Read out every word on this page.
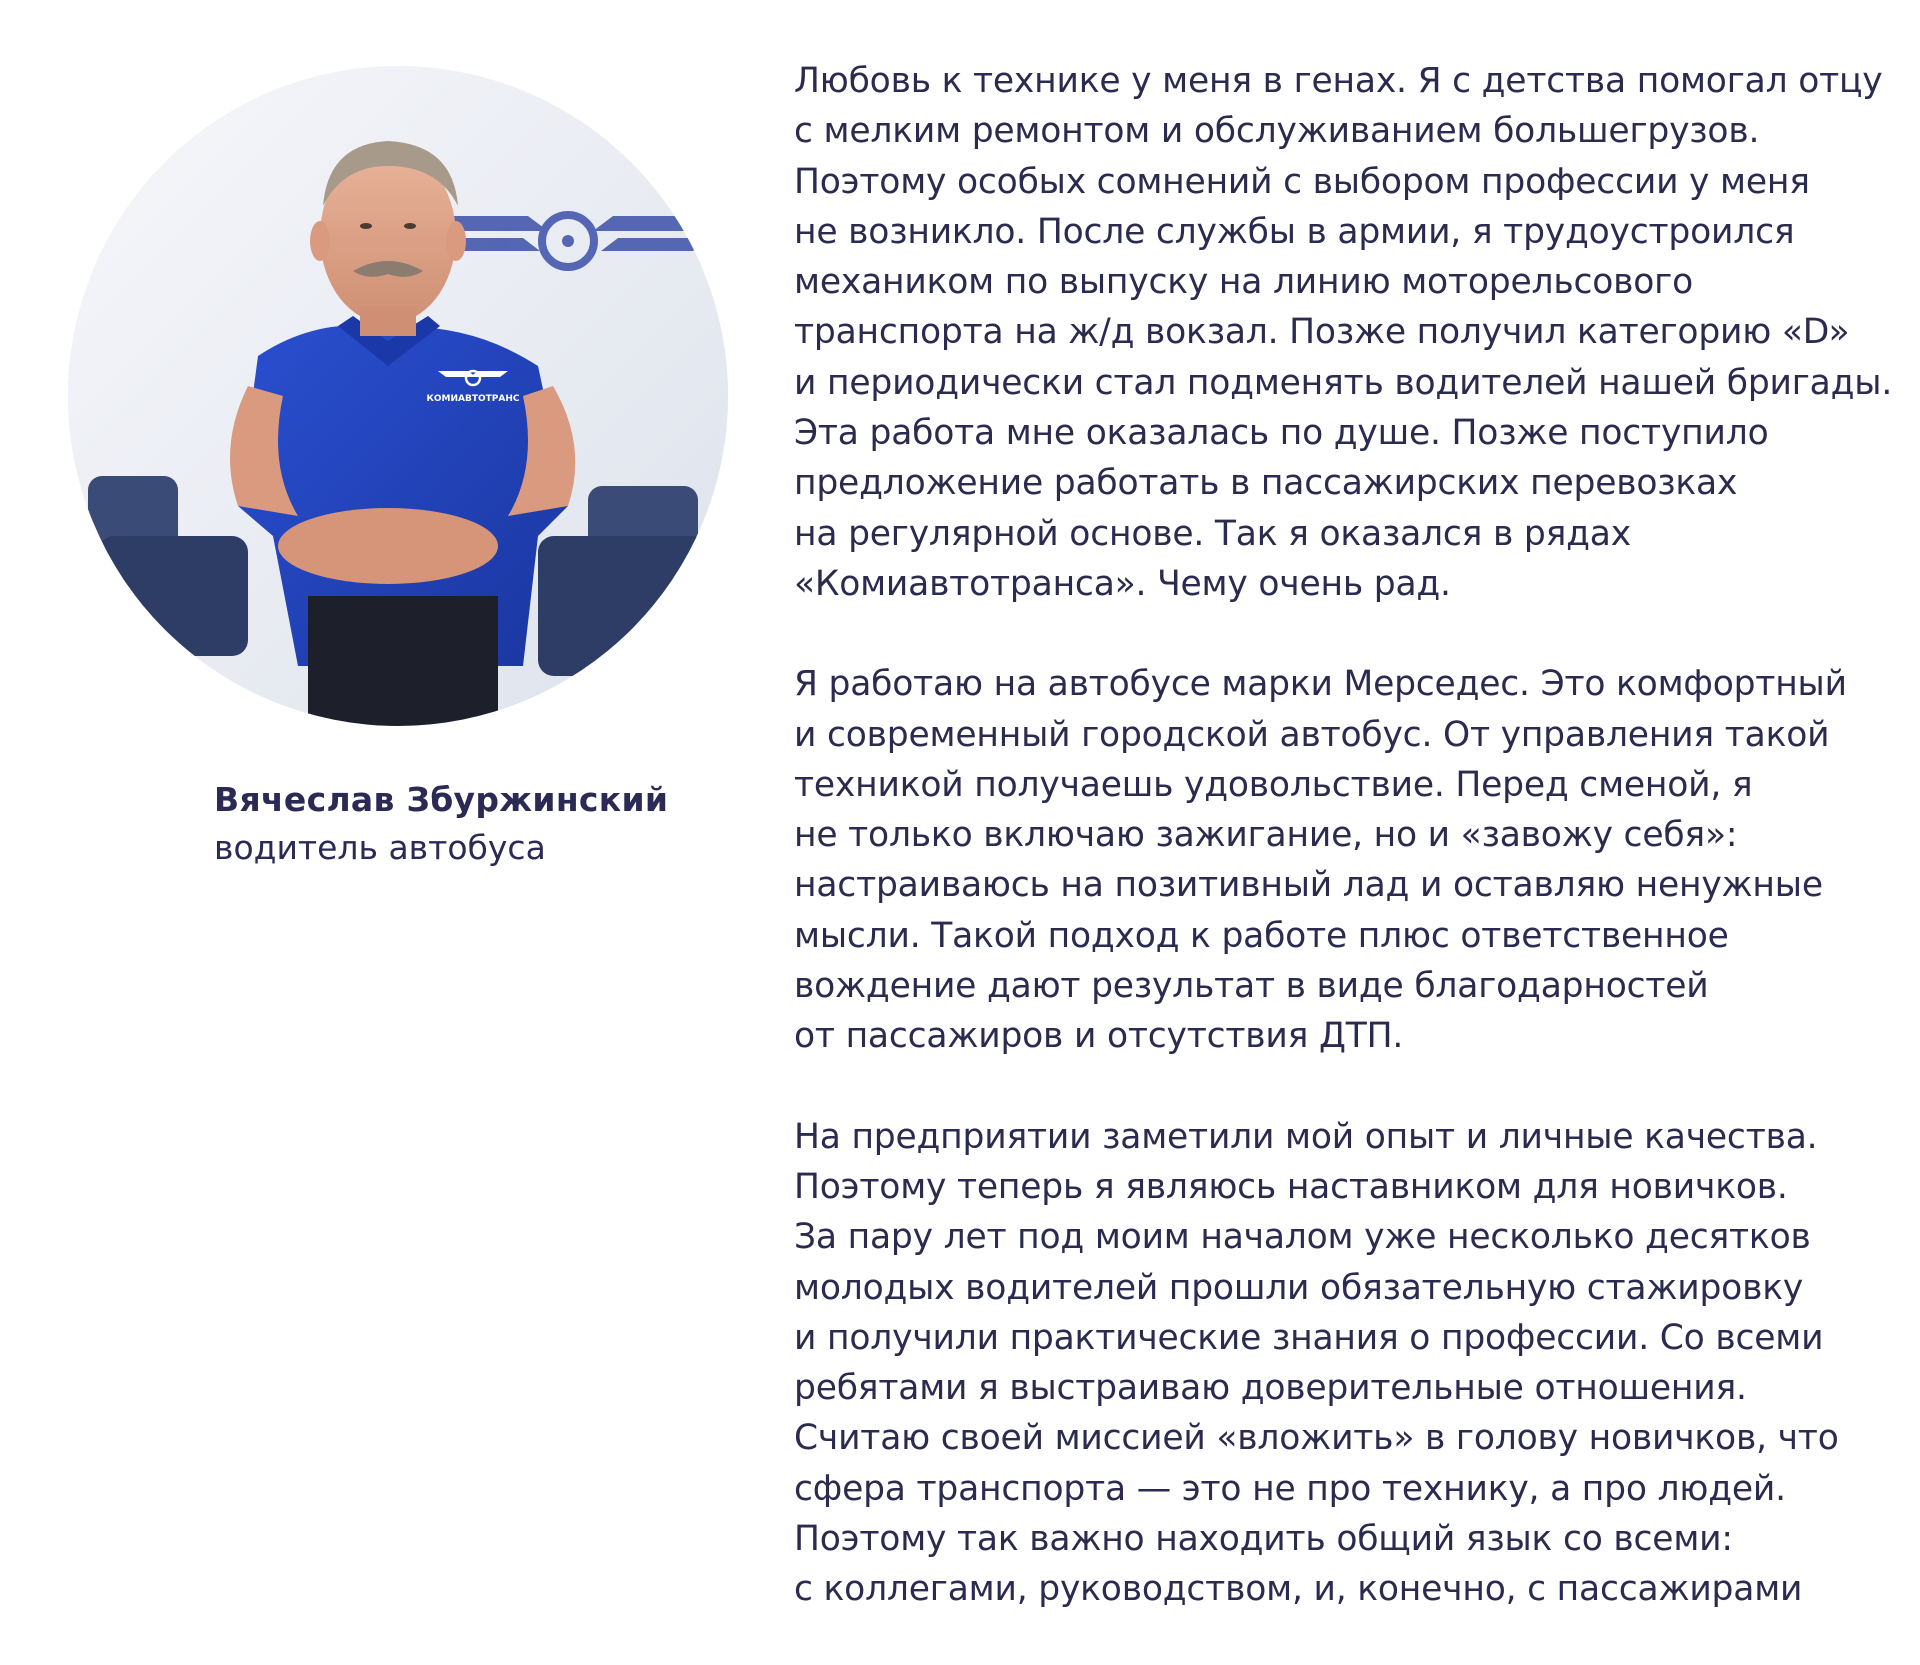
КОМИАВТОТРАНС
Вячеслав Збуржинский
водитель автобуса
Любовь к технике у меня в генах. Я с детства помогал отцу
с мелким ремонтом и обслуживанием большегрузов.
Поэтому особых сомнений с выбором профессии у меня
не возникло. После службы в армии, я трудоустроился
механиком по выпуску на линию моторельсового
транспорта на ж/д вокзал. Позже получил категорию «D»
и периодически стал подменять водителей нашей бригады.
Эта работа мне оказалась по душе. Позже поступило
предложение работать в пассажирских перевозках
на регулярной основе. Так я оказался в рядах
«Комиавтотранса». Чему очень рад.
Я работаю на автобусе марки Мерседес. Это комфортный
и современный городской автобус. От управления такой
техникой получаешь удовольствие. Перед сменой, я
не только включаю зажигание, но и «завожу себя»:
настраиваюсь на позитивный лад и оставляю ненужные
мысли. Такой подход к работе плюс ответственное
вождение дают результат в виде благодарностей
от пассажиров и отсутствия ДТП.
На предприятии заметили мой опыт и личные качества.
Поэтому теперь я являюсь наставником для новичков.
За пару лет под моим началом уже несколько десятков
молодых водителей прошли обязательную стажировку
и получили практические знания о профессии. Со всеми
ребятами я выстраиваю доверительные отношения.
Считаю своей миссией «вложить» в голову новичков, что
сфера транспорта — это не про технику, а про людей.
Поэтому так важно находить общий язык со всеми:
с коллегами, руководством, и, конечно, с пассажирами
